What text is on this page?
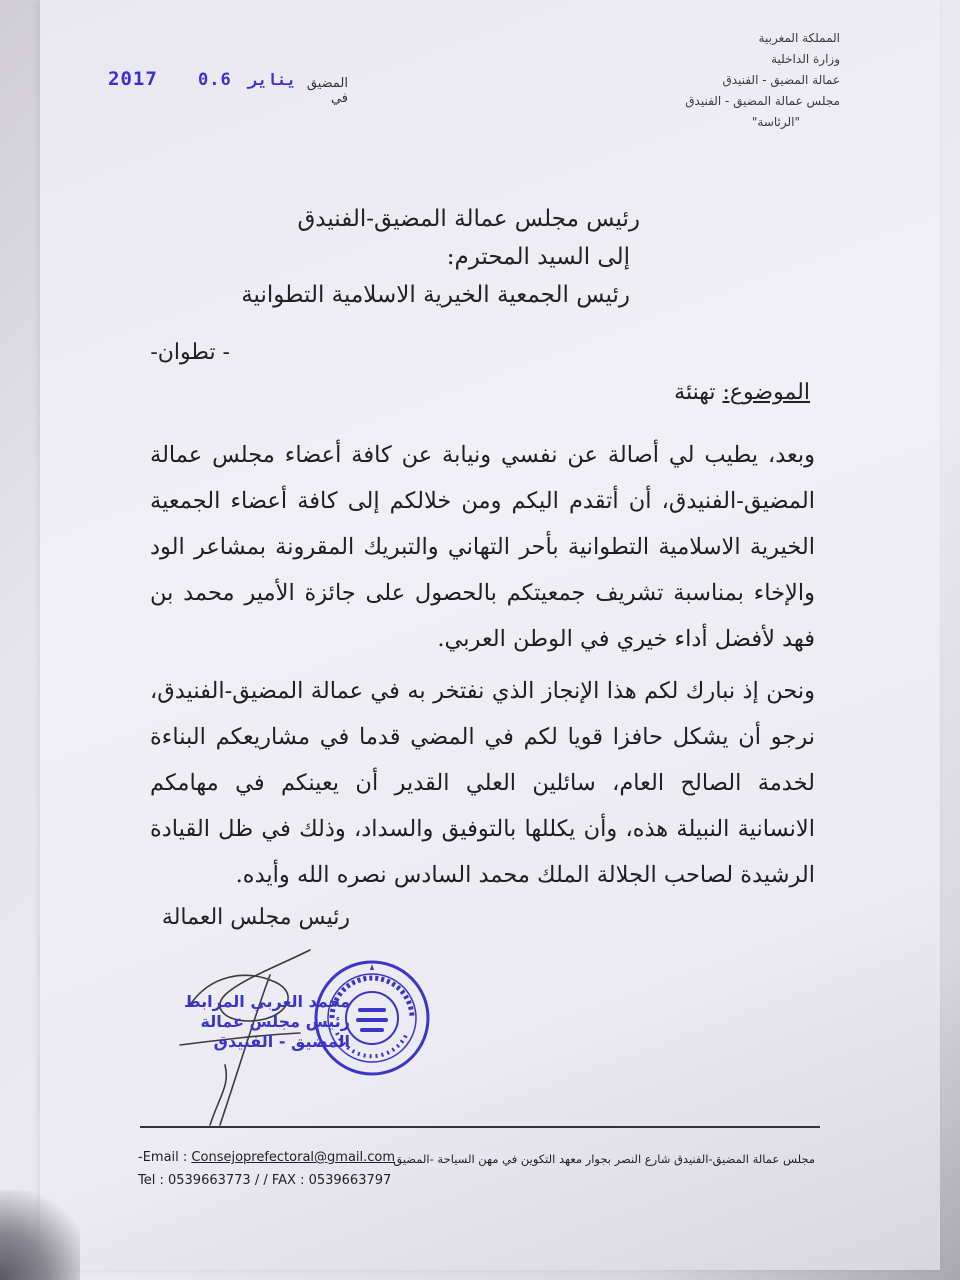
المملكة المغربية
وزارة الداخلية
عمالة المضيق - الفنيدق
مجلس عمالة المضيق - الفنيدق
"الرئاسة"
المضيق في
2017	يناير
0.6
رئيس مجلس عمالة المضيق-الفنيدق
إلى السيد المحترم:
رئيس الجمعية الخيرية الاسلامية التطوانية
- تطوان-
الموضوع: تهنئة
وبعد، يطيب لي أصالة عن نفسي ونيابة عن كافة أعضاء مجلس عمالة المضيق-الفنيدق، أن أتقدم اليكم ومن خلالكم إلى كافة أعضاء الجمعية الخيرية الاسلامية التطوانية بأحر التهاني والتبريك المقرونة بمشاعر الود والإخاء بمناسبة تشريف جمعيتكم بالحصول على جائزة الأمير محمد بن فهد لأفضل أداء خيري في الوطن العربي.
ونحن إذ نبارك لكم هذا الإنجاز الذي نفتخر به في عمالة المضيق-الفنيدق، نرجو أن يشكل حافزا قويا لكم في المضي قدما في مشاريعكم البناءة لخدمة الصالح العام، سائلين العلي القدير أن يعينكم في مهامكم الانسانية النبيلة هذه، وأن يكللها بالتوفيق والسداد، وذلك في ظل القيادة الرشيدة لصاحب الجلالة الملك محمد السادس نصره الله وأيده.
رئيس مجلس العمالة
محمد العربي المرابط
رئيس مجلس عمالة
المضيق - الفنيدق
-Email : Consejoprefectoral@gmail.com
Tel : 0539663773 / / FAX : 0539663797
مجلس عمالة المضيق-الفنيدق شارع النصر بجوار معهد التكوين في مهن السياحة -المضيق
